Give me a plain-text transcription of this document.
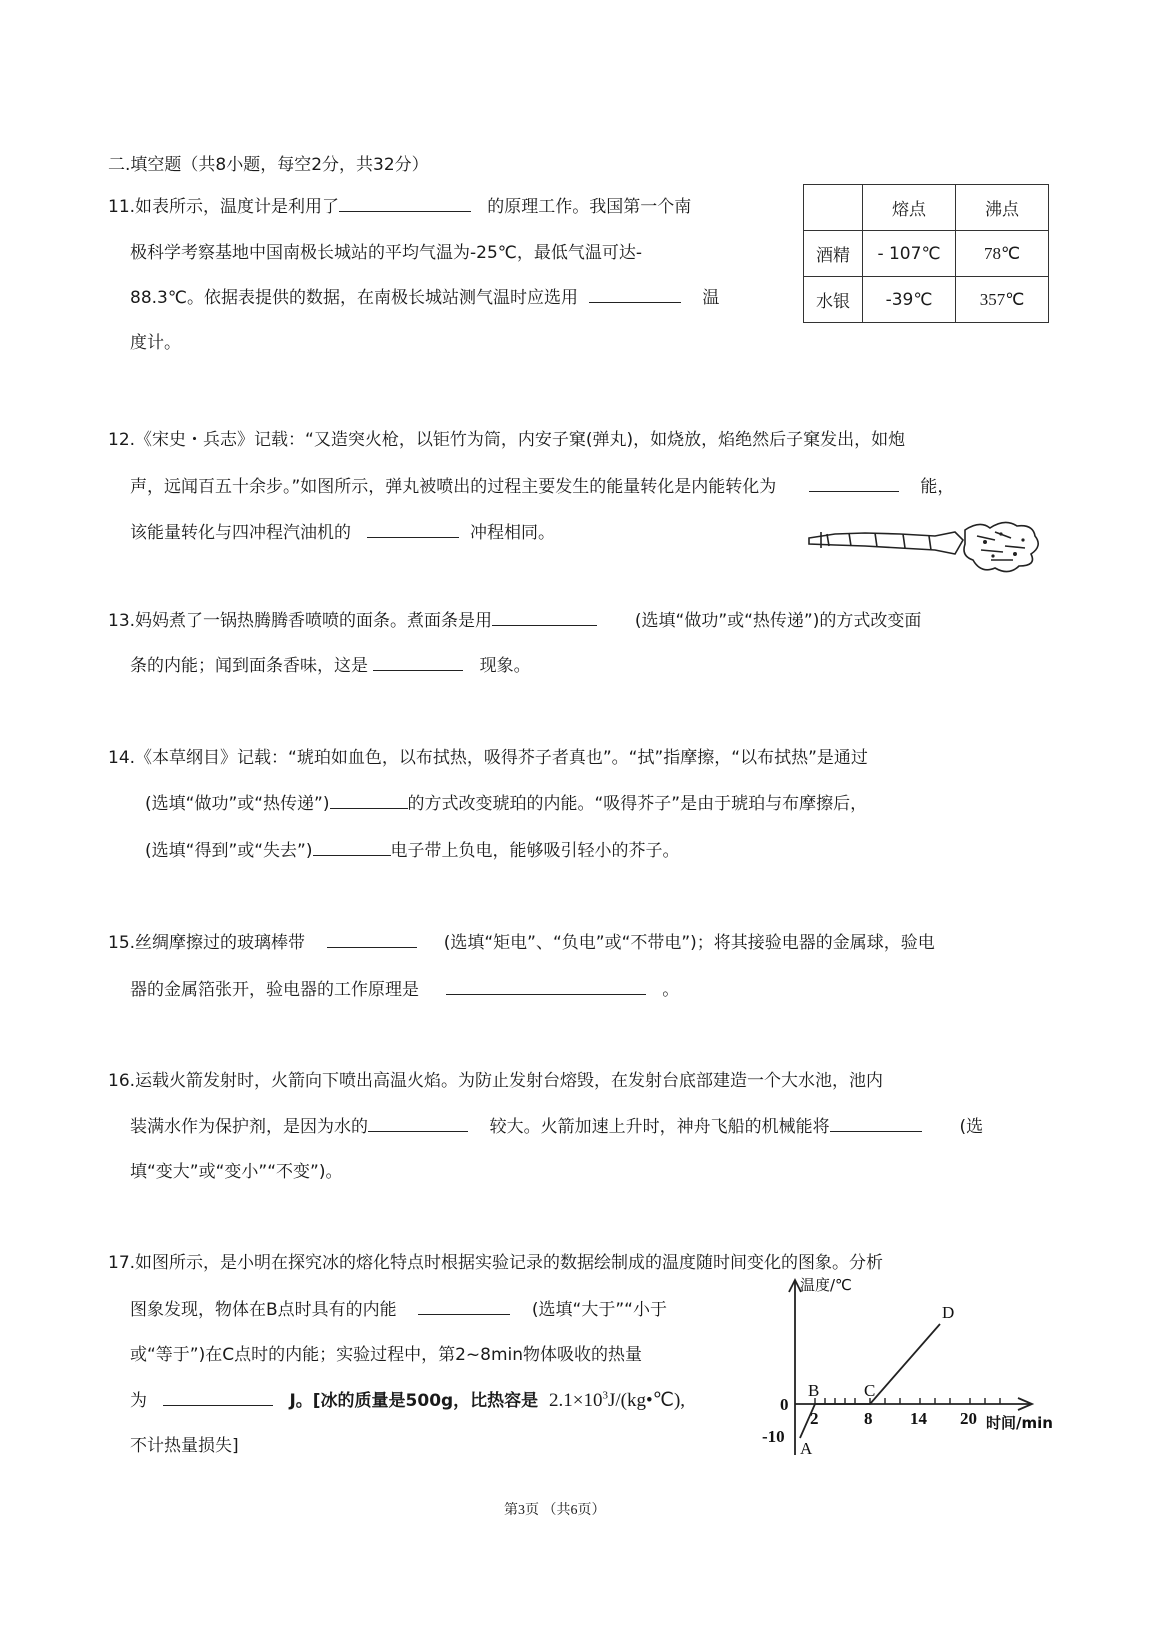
二.填空题（共8小题，每空2分，共32分）
11.如表所示，温度计是利用了	的原理工作。我国第一个南
极科学考察基地中国南极长城站的平均气温为-25℃，最低气温可达-
88.3℃。依据表提供的数据，在南极长城站测气温时应选用	温
度计。
	熔点	沸点
酒精	- 107℃	78℃
水银	-39℃	357℃
12.《宋史・兵志》记载：“又造突火枪，以钜竹为筒，内安子窠(弹丸)，如烧放，焰绝然后子窠发出，如炮
声，远闻百五十余步。”如图所示，弹丸被喷出的过程主要发生的能量转化是内能转化为	能，
该能量转化与四冲程汽油机的	冲程相同。
13.妈妈煮了一锅热腾腾香喷喷的面条。煮面条是用	(选填“做功”或“热传递”)的方式改变面
条的内能；闻到面条香味，这是	现象。
14.《本草纲目》记载：“琥珀如血色，以布拭热，吸得芥子者真也”。“拭”指摩擦，“以布拭热”是通过
(选填“做功”或“热传递”)	的方式改变琥珀的内能。“吸得芥子”是由于琥珀与布摩擦后，
(选填“得到”或“失去”)	电子带上负电，能够吸引轻小的芥子。
15.丝绸摩擦过的玻璃棒带	(选填“矩电”、“负电”或“不带电”)；将其接验电器的金属球，验电
器的金属箔张开，验电器的工作原理是	。
16.运载火箭发射时，火箭向下喷出高温火焰。为防止发射台熔毁，在发射台底部建造一个大水池，池内
装满水作为保护剂，是因为水的	较大。火箭加速上升时，神舟飞船的机械能将	(选
填“变大”或“变小”“不变”)。
17.如图所示，是小明在探究冰的熔化特点时根据实验记录的数据绘制成的温度随时间变化的图象。分析
图象发现，物体在B点时具有的内能	(选填“大于”“小于
或“等于”)在C点时的内能；实验过程中，第2~8min物体吸收的热量
为	J。[冰的质量是500g，比热容是 $2.1\times 10^3J/(kg•℃)$,
不计热量损失]
温度/℃
时间/min
2	8 14 20
0
-10
A
B	C
D
第3页 （共6页）
